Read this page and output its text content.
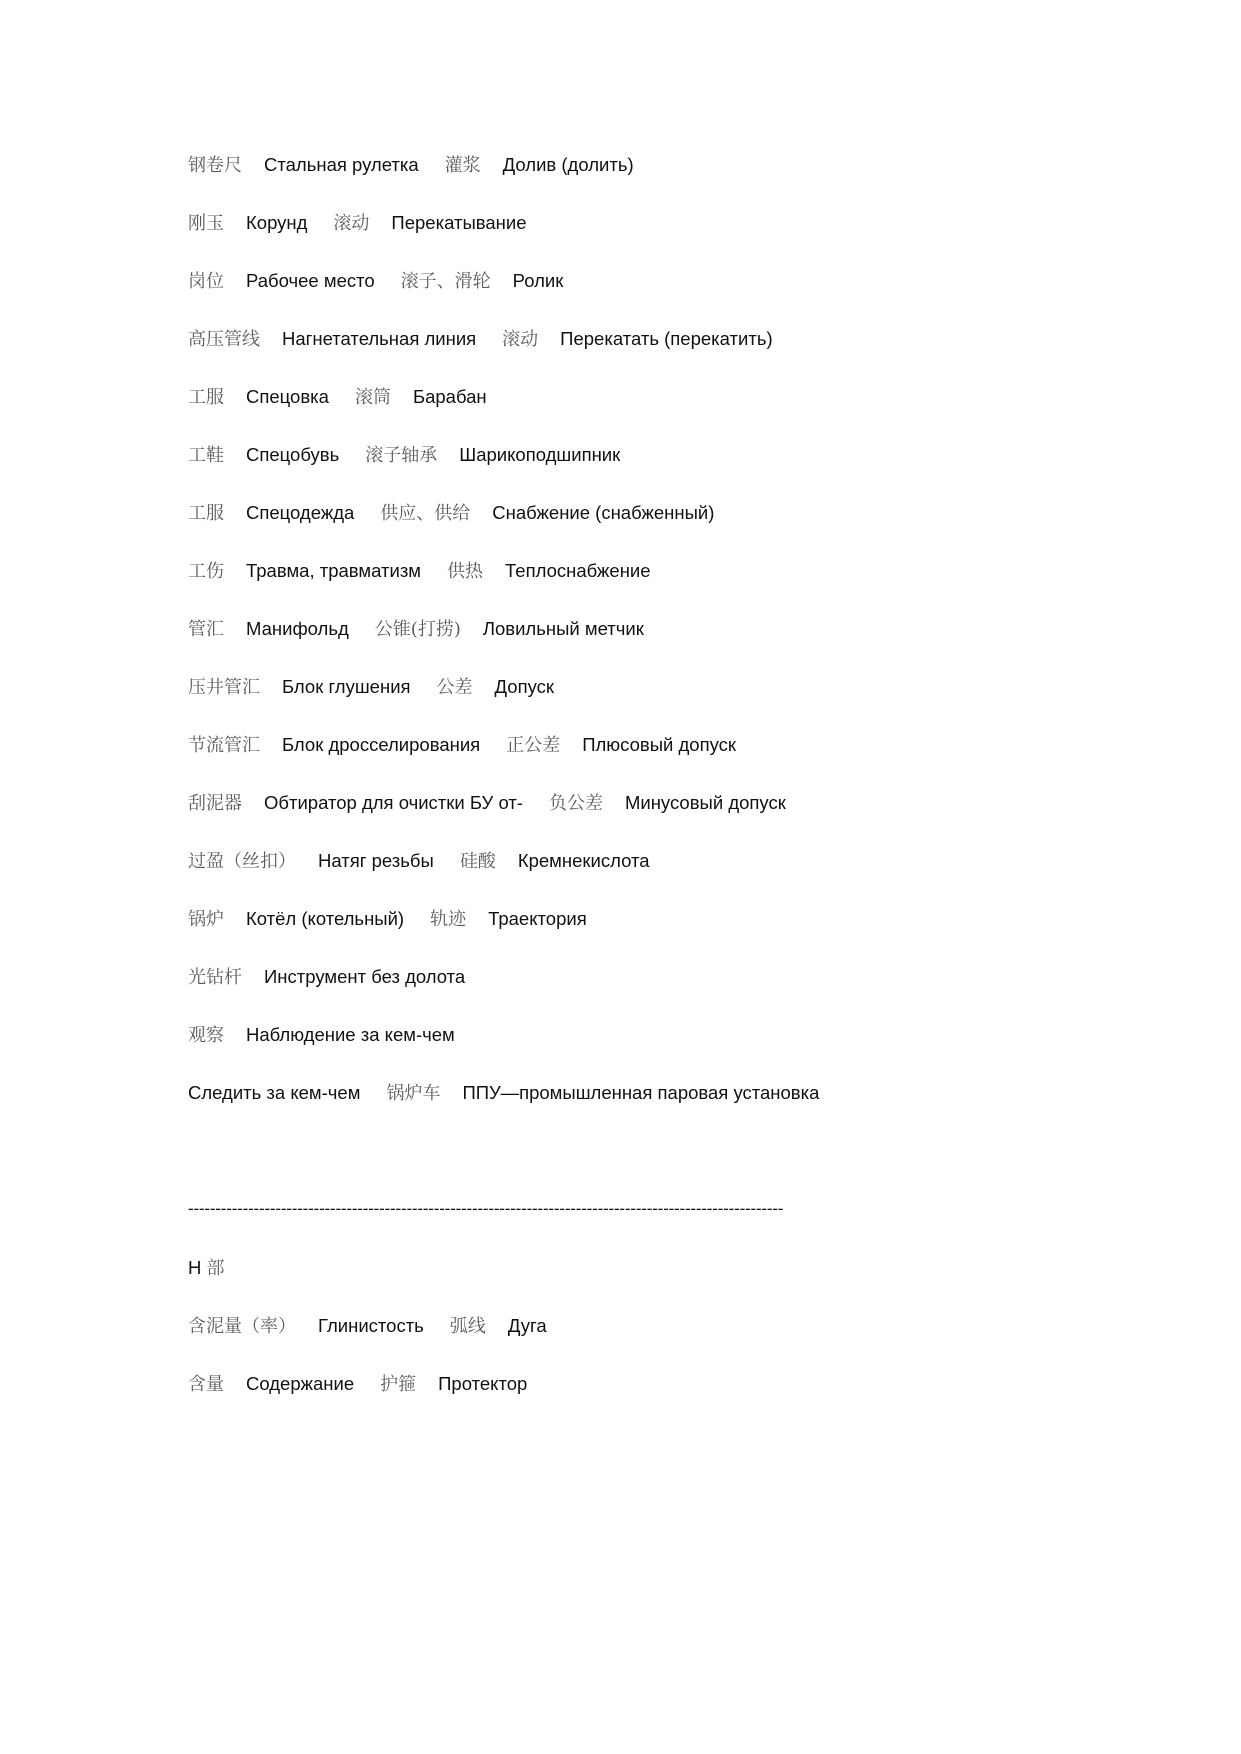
钢卷尺 Стальная рулетка 灌浆 Долив (долить)
刚玉 Корунд 滚动 Перекатывание
岗位 Рабочее место 滚子、滑轮 Ролик
高压管线 Нагнетательная линия 滚动 Перекатать (перекатить)
工服 Спецовка 滚筒 Барабан
工鞋 Спецобувь 滚子轴承 Шарикоподшипник
工服 Спецодежда 供应、供给 Снабжение (снабженный)
工伤 Травма, травматизм 供热 Теплоснабжение
管汇 Манифольд 公锥(打捞) Ловильный метчик
压井管汇 Блок глушения 公差 Допуск
节流管汇 Блок дросселирования 正公差 Плюсовый допуск
刮泥器 Обтиратор для очистки БУ от- 负公差 Минусовый допуск
过盈（丝扣） Натяг резьбы 硅酸 Кремнекислота
锅炉 Котёл (котельный) 轨迹 Траектория
光钻杆 Инструмент без долота
观察 Наблюдение за кем-чем
Следить за кем-чем 锅炉车 ППУ—промышленная паровая установка
-------------------------------------------------------------------------------------------------------------
H 部
含泥量（率） Глинистость 弧线 Дуга
含量 Содержание 护箍 Протектор
